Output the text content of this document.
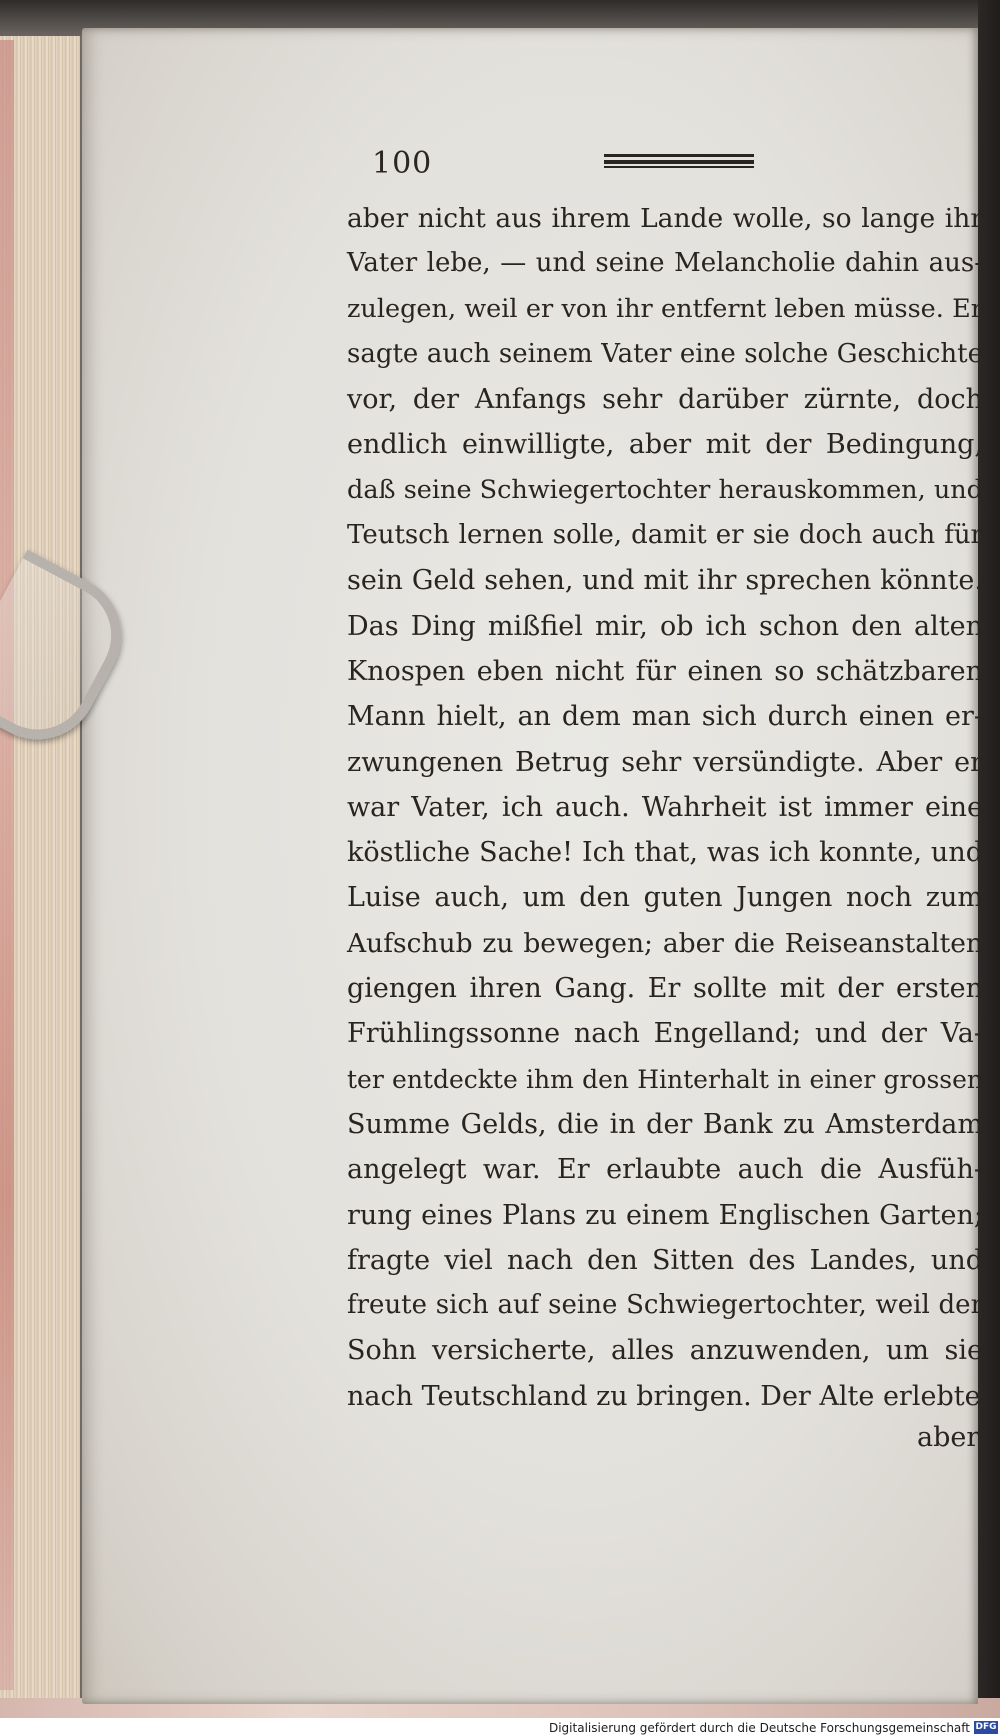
100
aber nicht aus ihrem Lande wolle, so lange ihr
Vater lebe, — und seine Melancholie dahin aus-
zulegen, weil er von ihr entfernt leben müsse. Er
sagte auch seinem Vater eine solche Geschichte
vor, der Anfangs sehr darüber zürnte, doch
endlich einwilligte, aber mit der Bedingung,
daß seine Schwiegertochter herauskommen, und
Teutsch lernen solle, damit er sie doch auch für
sein Geld sehen, und mit ihr sprechen könnte.
Das Ding mißfiel mir, ob ich schon den alten
Knospen eben nicht für einen so schätzbaren
Mann hielt, an dem man sich durch einen er-
zwungenen Betrug sehr versündigte. Aber er
war Vater, ich auch. Wahrheit ist immer eine
köstliche Sache! Ich that, was ich konnte, und
Luise auch, um den guten Jungen noch zum
Aufschub zu bewegen; aber die Reiseanstalten
giengen ihren Gang. Er sollte mit der ersten
Frühlingssonne nach Engelland; und der Va-
ter entdeckte ihm den Hinterhalt in einer grossen
Summe Gelds, die in der Bank zu Amsterdam
angelegt war. Er erlaubte auch die Ausfüh-
rung eines Plans zu einem Englischen Garten;
fragte viel nach den Sitten des Landes, und
freute sich auf seine Schwiegertochter, weil der
Sohn versicherte, alles anzuwenden, um sie
nach Teutschland zu bringen. Der Alte erlebte
aber
Digitalisierung gefördert durch die Deutsche Forschungsgemeinschaft DFG
